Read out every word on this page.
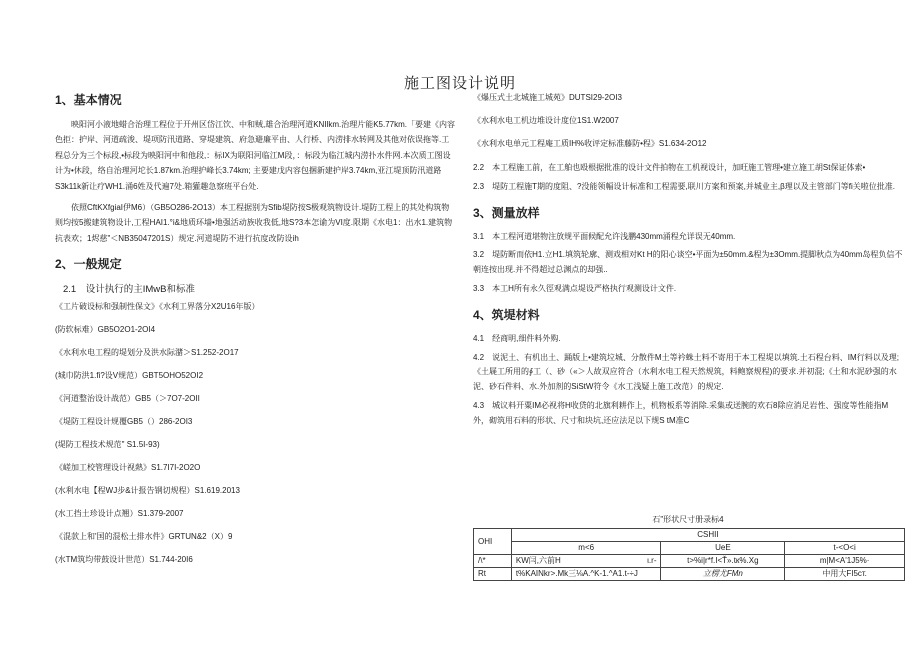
施工图设计说明
1、基本情况

映阳河小液地蜡合治理工程位于开州区岱江饮、中和贼,雄合治理河道KNIlkm.治理片能K5.77km.「要建《内容色拒：护岸、河道疏浚、堤项防汛道路、穿堤建筑、府急避廉平由、人行桥、内涝排水转网及其他对依误拖等.工程总分为三个标段,•标段为映阳河中和他段,：标IX为联阳河临江M段，：标段为临江城内涝扑水件网.本次质工图设计为•休段，络自治理河坨长1.87km.治理护峰长3.74km; 主要建戊内容包捆新建护岸3.74km,亚江堤顶防汛道路S3k11k新让疗WH1.涌6姓及代遍7处.箱獾趣急察班平台处.

依照CftKXfgiaI伊M6）（GB5O286-2O13）本工程据别为Sfib堤防按S极观筑物设计.堤防工程上的其处构筑物则均按5搬建筑物设计,工程HAI1.°i&地质环墙•地强活动族收我低,地S?3本怎谕为VI度.限期《水电1：出水1.建筑物抗表欢；1烬慈"＜NB35047201S）规定.河道堤防不进行抗度改防设ih

2、一般规定
2.1　设计执行的主IMwB和标准
《工片破设标和强制性保文》《水利工界落分X2U16年版）
(防软标难）GB5O2O1-2OI4
《水利水电工程的堤划分及洪水际潴＞S1.252-2O17
(城巾防洪1.fi?设V规范）GBT5OHO52OI2
《河道整治设计战范）GB5（＞7O7-2OII
《堤防工程设计规覆GB5（）286-2OI3
(堤防工程技术规范" S1.5I-93)
《嵯加工校管理设计视熱》S1.7I7I-2O2O
(水利水电【程WJ步&计报告钢切规程）S1.619.2013
(水工挡土珍设计点翘）S1.379-2007
《混款上和'国的混松土排水件》GRTUN&2（X）9
(水TM筑均带鼓设计世范）S1.744-20I6
《爆压式土北城施工城苑》DUTSI29-2OI3
《水利水电工机边堆设计度位1S1.W2007
《水利水电单元工程庵工质IH%收评定标准藤防•程》S1.634-2O12

2.2　本工程施工前，在工舶也殴根据批准的设计文件拍物在工机视设计，加旺施工管理•建立施工胡St保证体索•

2.3　堤防工程施T期的度阻、?没能领幅设计标准和工程需要,联川方案和预案,并城业主,β理以及主管部门等fi关啦位批准.

3、测量放样

3.1　本工程河道堪物注放规平面候配允许浅鹏430mm涌程允详误无40mm.

3.2　堤防断而依H1.立H1.填筑轮廓、测戏相对Kt H的阳心谈空•平面为±50mm.&程为±3Omm.提脚秋点为40mm岛程负信不朝连按出现.并不得超过总渊点的却强..

3.3　本工H所有永久徑观满点堤设严格执行观测设计文件.

4、筑堤材料

4.1　经商明,细件料外购.

4.2　说泥土、有机出土、踊版上•建筑垃城、分散件M土等衿蛛土料不寄用于本工程堤以填筑.土石程台料、IM行料以及理;《土屣工所用的∮工（、砂（«＞人故双应符合（水利水电工程天然规筑，料鲍察规程)的要求.并初混;《土和水泥砂强的水泥、砂石件料、水.外加剂的SiStW符令《水工浅疑上施工改范）的规定.

4.3　城议料开粟IM必视将H收贷的北旗利耕作上，机物板系等消除.采集或送腕的欢石8除应消足岩性、强度等性能指M外，砌筑用石料的形状、尺寸和块坑,还应法足以下规S tM准C

石"形状尺寸册录标4
OHI	CSHII		
	m<6	UeE	t-<O<i
/\*	KW闫,六前H ι.r-	t>%i|r*f.I<Ť».tк%.Xg	m|M<A'1J5%·
Rt	t%KAINkr>.Mk三⅛A.^K-1.^A1.t-÷J	立楞尤FMn	中用大FI5cт.
